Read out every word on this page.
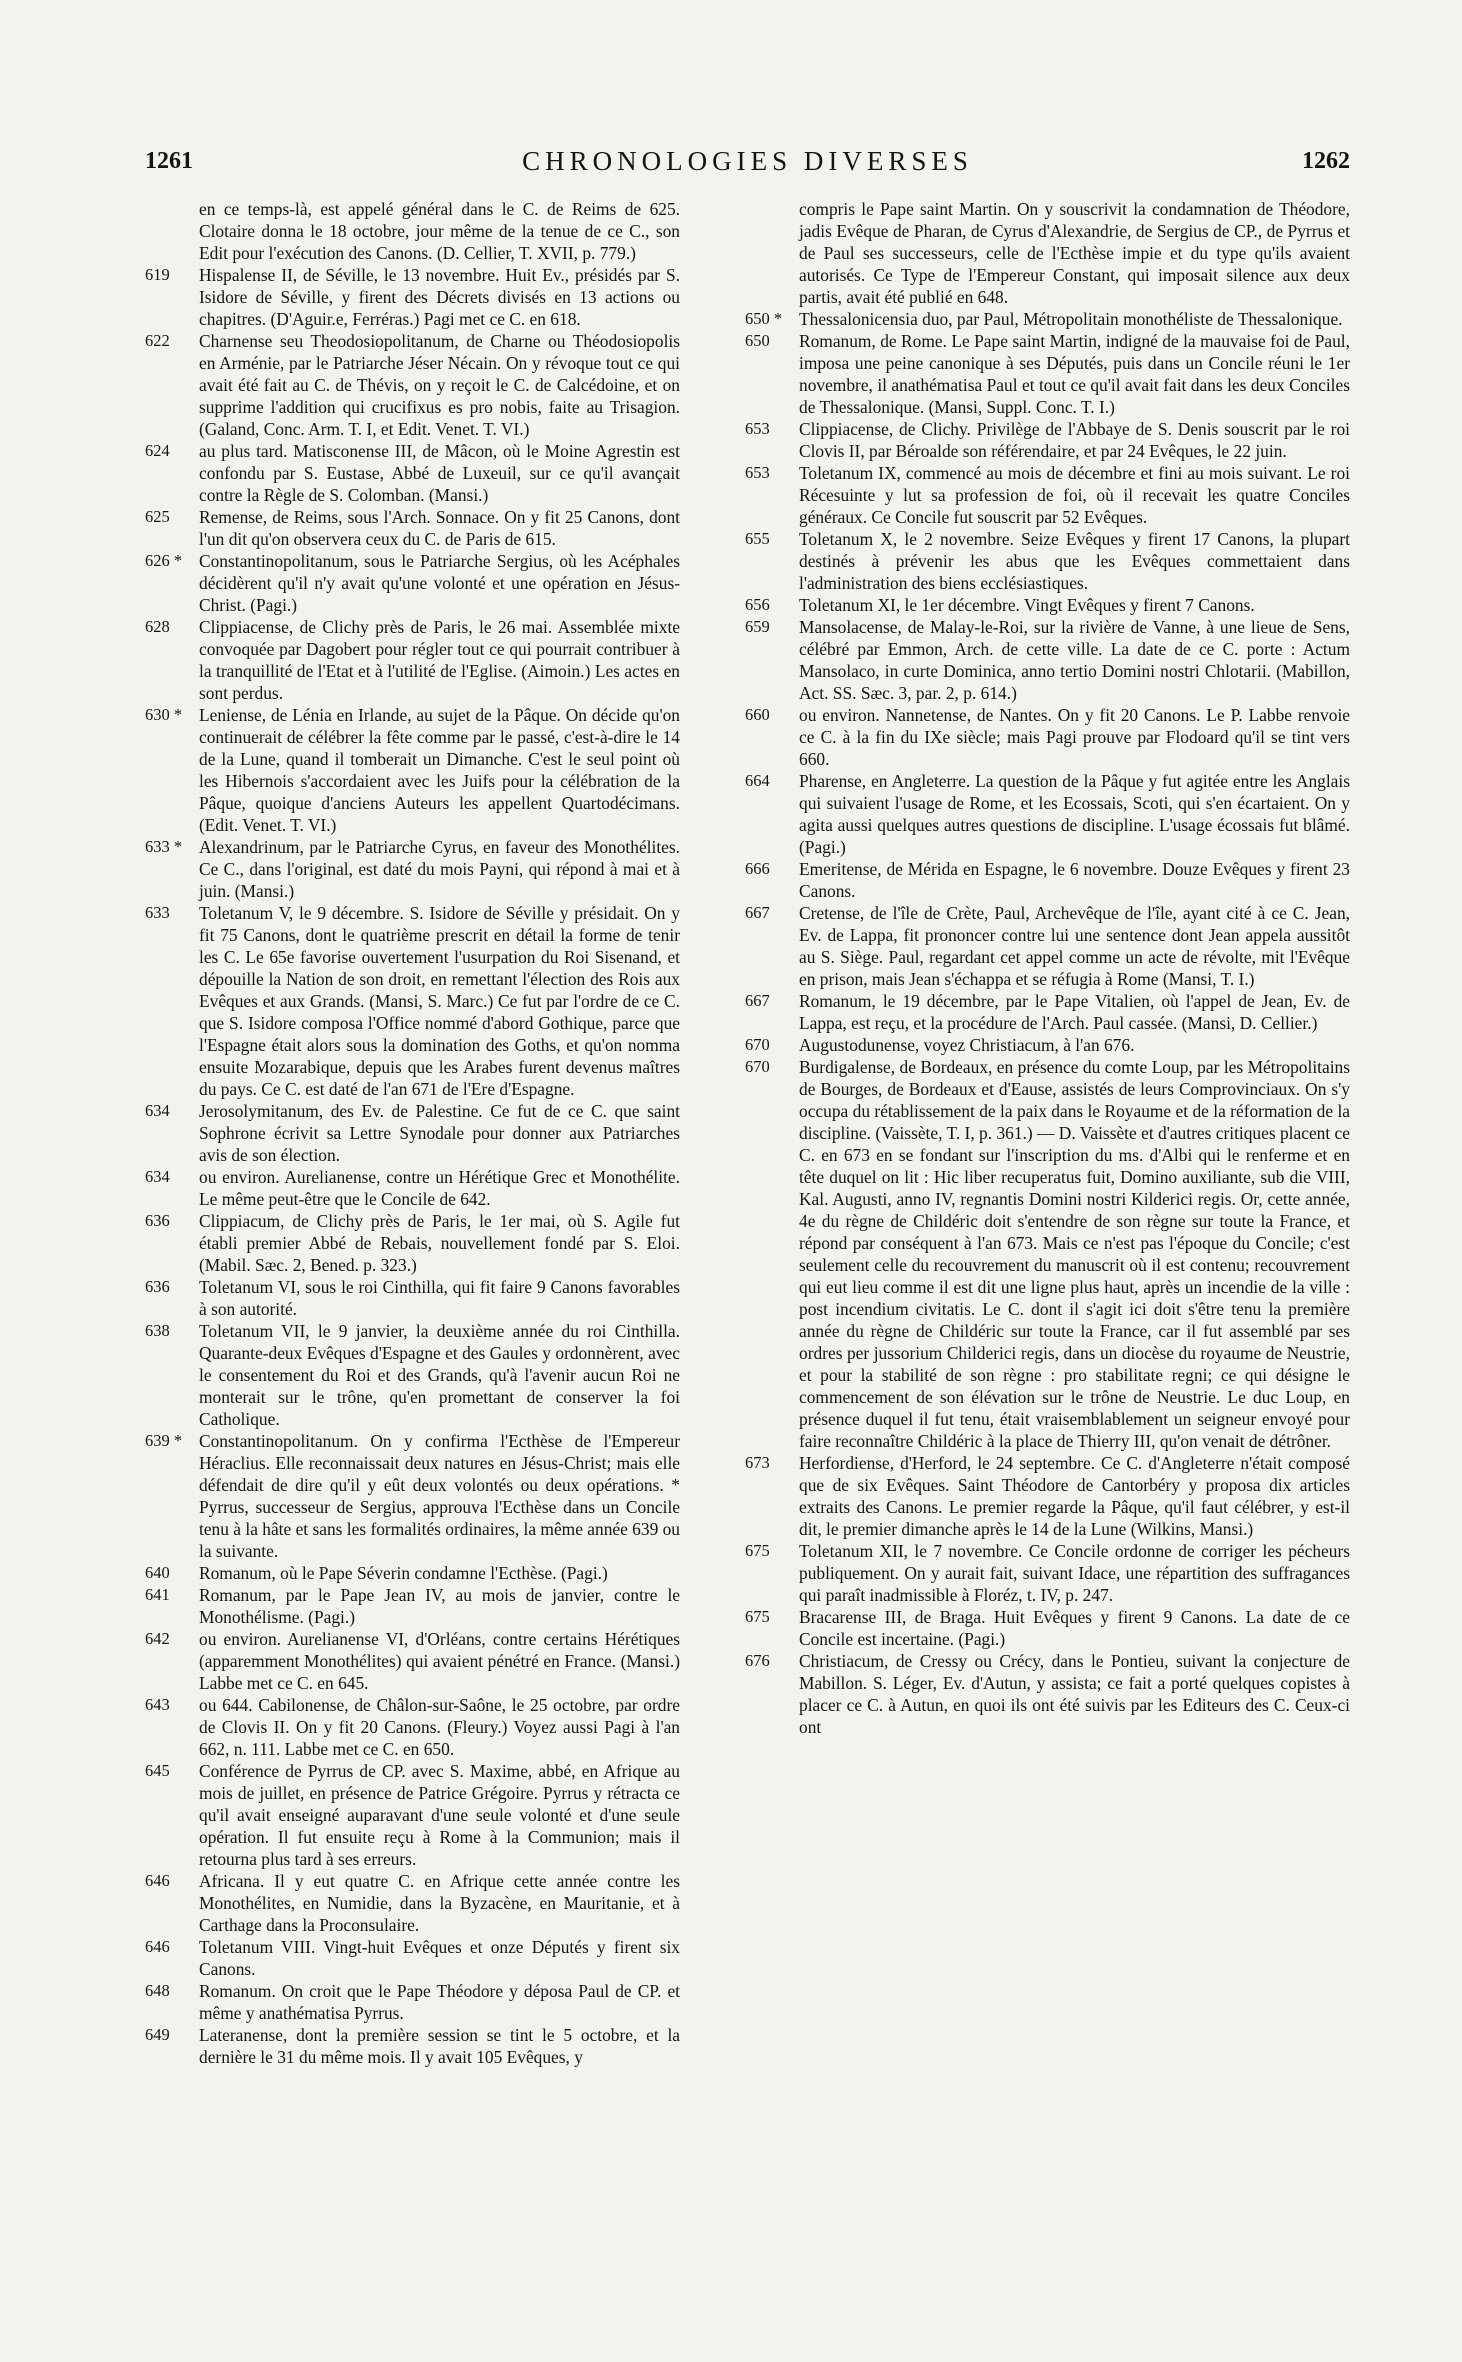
1261	CHRONOLOGIES DIVERSES	1262
en ce temps-là, est appelé général dans le C. de Reims de 625. Clotaire donna le 18 octobre, jour même de la tenue de ce C., son Edit pour l'exécution des Canons. (D. Cellier, T. XVII, p. 779.)
619	Hispalense II, de Séville, le 13 novembre. Huit Ev., présidés par S. Isidore de Séville, y firent des Décrets divisés en 13 actions ou chapitres. (D'Aguir.e, Ferréras.) Pagi met ce C. en 618.
622	Charnense seu Theodosiopolitanum, de Charne ou Théodosiopolis en Arménie, par le Patriarche Jéser Nécain. On y révoque tout ce qui avait été fait au C. de Thévis, on y reçoit le C. de Calcédoine, et on supprime l'addition qui crucifixus es pro nobis, faite au Trisagion. (Galand, Conc. Arm. T. I, et Edit. Venet. T. VI.)
624	au plus tard. Matisconense III, de Mâcon, où le Moine Agrestin est confondu par S. Eustase, Abbé de Luxeuil, sur ce qu'il avançait contre la Règle de S. Colomban. (Mansi.)
625	Remense, de Reims, sous l'Arch. Sonnace. On y fit 25 Canons, dont l'un dit qu'on observera ceux du C. de Paris de 615.
626 * Constantinopolitanum, sous le Patriarche Sergius, où les Acéphales décidèrent qu'il n'y avait qu'une volonté et une opération en Jésus-Christ. (Pagi.)
628	Clippiacense, de Clichy près de Paris, le 26 mai. Assemblée mixte convoquée par Dagobert pour régler tout ce qui pourrait contribuer à la tranquillité de l'Etat et à l'utilité de l'Eglise. (Aimoin.) Les actes en sont perdus.
630 * Leniense, de Lénia en Irlande, au sujet de la Pâque. On décide qu'on continuerait de célébrer la fête comme par le passé, c'est-à-dire le 14 de la Lune, quand il tomberait un Dimanche. C'est le seul point où les Hibernois s'accordaient avec les Juifs pour la célébration de la Pâque, quoique d'anciens Auteurs les appellent Quartodécimans. (Edit. Venet. T. VI.)
633 * Alexandrinum, par le Patriarche Cyrus, en faveur des Monothélites. Ce C., dans l'original, est daté du mois Payni, qui répond à mai et à juin. (Mansi.)
633	Toletanum V, le 9 décembre. S. Isidore de Séville y présidait. On y fit 75 Canons, dont le quatrième prescrit en détail la forme de tenir les C. Le 65e favorise ouvertement l'usurpation du Roi Sisenand, et dépouille la Nation de son droit, en remettant l'élection des Rois aux Evêques et aux Grands. (Mansi, S. Marc.) Ce fut par l'ordre de ce C. que S. Isidore composa l'Office nommé d'abord Gothique, parce que l'Espagne était alors sous la domination des Goths, et qu'on nomma ensuite Mozarabique, depuis que les Arabes furent devenus maîtres du pays. Ce C. est daté de l'an 671 de l'Ere d'Espagne.
634	Jerosolymitanum, des Ev. de Palestine. Ce fut de ce C. que saint Sophrone écrivit sa Lettre Synodale pour donner aux Patriarches avis de son élection.
634	ou environ. Aurelianense, contre un Hérétique Grec et Monothélite. Le même peut-être que le Concile de 642.
636	Clippiacum, de Clichy près de Paris, le 1er mai, où S. Agile fut établi premier Abbé de Rebais, nouvellement fondé par S. Eloi. (Mabil. Sæc. 2, Bened. p. 323.)
636	Toletanum VI, sous le roi Cinthilla, qui fit faire 9 Canons favorables à son autorité.
638	Toletanum VII, le 9 janvier, la deuxième année du roi Cinthilla. Quarante-deux Evêques d'Espagne et des Gaules y ordonnèrent, avec le consentement du Roi et des Grands, qu'à l'avenir aucun Roi ne monterait sur le trône, qu'en promettant de conserver la foi Catholique.
639 * Constantinopolitanum. On y confirma l'Ecthèse de l'Empereur Héraclius. Elle reconnaissait deux natures en Jésus-Christ; mais elle défendait de dire qu'il y eût deux volontés ou deux opérations. * Pyrrus, successeur de Sergius, approuva l'Ecthèse dans un Concile tenu à la hâte et sans les formalités ordinaires, la même année 639 ou la suivante.
640	Romanum, où le Pape Séverin condamne l'Ecthèse. (Pagi.)
641	Romanum, par le Pape Jean IV, au mois de janvier, contre le Monothélisme. (Pagi.)
642	ou environ. Aurelianense VI, d'Orléans, contre certains Hérétiques (apparemment Monothélites) qui avaient pénétré en France. (Mansi.) Labbe met ce C. en 645.
643	ou 644. Cabilonense, de Châlon-sur-Saône, le 25 octobre, par ordre de Clovis II. On y fit 20 Canons. (Fleury.) Voyez aussi Pagi à l'an 662, n. 111. Labbe met ce C. en 650.
645	Conférence de Pyrrus de CP. avec S. Maxime, abbé, en Afrique au mois de juillet, en présence de Patrice Grégoire. Pyrrus y rétracta ce qu'il avait enseigné auparavant d'une seule volonté et d'une seule opération. Il fut ensuite reçu à Rome à la Communion; mais il retourna plus tard à ses erreurs.
646	Africana. Il y eut quatre C. en Afrique cette année contre les Monothélites, en Numidie, dans la Byzacène, en Mauritanie, et à Carthage dans la Proconsulaire.
646	Toletanum VIII. Vingt-huit Evêques et onze Députés y firent six Canons.
648	Romanum. On croit que le Pape Théodore y déposa Paul de CP. et même y anathématisa Pyrrus.
649	Lateranense, dont la première session se tint le 5 octobre, et la dernière le 31 du même mois. Il y avait 105 Evêques, y
compris le Pape saint Martin. On y souscrivit la condamnation de Théodore, jadis Evêque de Pharan, de Cyrus d'Alexandrie, de Sergius de CP., de Pyrrus et de Paul ses successeurs, celle de l'Ecthèse impie et du type qu'ils avaient autorisés. Ce Type de l'Empereur Constant, qui imposait silence aux deux partis, avait été publié en 648.
650 * Thessalonicensia duo, par Paul, Métropolitain monothéliste de Thessalonique.
650	Romanum, de Rome. Le Pape saint Martin, indigné de la mauvaise foi de Paul, imposa une peine canonique à ses Députés, puis dans un Concile réuni le 1er novembre, il anathématisa Paul et tout ce qu'il avait fait dans les deux Conciles de Thessalonique. (Mansi, Suppl. Conc. T. I.)
653	Clippiacense, de Clichy. Privilège de l'Abbaye de S. Denis souscrit par le roi Clovis II, par Béroalde son référendaire, et par 24 Evêques, le 22 juin.
653	Toletanum IX, commencé au mois de décembre et fini au mois suivant. Le roi Récesuinte y lut sa profession de foi, où il recevait les quatre Conciles généraux. Ce Concile fut souscrit par 52 Evêques.
655	Toletanum X, le 2 novembre. Seize Evêques y firent 17 Canons, la plupart destinés à prévenir les abus que les Evêques commettaient dans l'administration des biens ecclésiastiques.
656	Toletanum XI, le 1er décembre. Vingt Evêques y firent 7 Canons.
659	Mansolacense, de Malay-le-Roi, sur la rivière de Vanne, à une lieue de Sens, célébré par Emmon, Arch. de cette ville. La date de ce C. porte : Actum Mansolaco, in curte Dominica, anno tertio Domini nostri Chlotarii. (Mabillon, Act. SS. Sæc. 3, par. 2, p. 614.)
660	ou environ. Nannetense, de Nantes. On y fit 20 Canons. Le P. Labbe renvoie ce C. à la fin du IXe siècle; mais Pagi prouve par Flodoard qu'il se tint vers 660.
664	Pharense, en Angleterre. La question de la Pâque y fut agitée entre les Anglais qui suivaient l'usage de Rome, et les Ecossais, Scoti, qui s'en écartaient. On y agita aussi quelques autres questions de discipline. L'usage écossais fut blâmé. (Pagi.)
666	Emeritense, de Mérida en Espagne, le 6 novembre. Douze Evêques y firent 23 Canons.
667	Cretense, de l'île de Crète, Paul, Archevêque de l'île, ayant cité à ce C. Jean, Ev. de Lappa, fit prononcer contre lui une sentence dont Jean appela aussitôt au S. Siège. Paul, regardant cet appel comme un acte de révolte, mit l'Evêque en prison, mais Jean s'échappa et se réfugia à Rome (Mansi, T. I.)
667	Romanum, le 19 décembre, par le Pape Vitalien, où l'appel de Jean, Ev. de Lappa, est reçu, et la procédure de l'Arch. Paul cassée. (Mansi, D. Cellier.)
670	Augustodunense, voyez Christiacum, à l'an 676.
670	Burdigalense, de Bordeaux, en présence du comte Loup, par les Métropolitains de Bourges, de Bordeaux et d'Eause, assistés de leurs Comprovinciaux. On s'y occupa du rétablissement de la paix dans le Royaume et de la réformation de la discipline. (Vaissète, T. I, p. 361.) — D. Vaissète et d'autres critiques placent ce C. en 673 en se fondant sur l'inscription du ms. d'Albi qui le renferme et en tête duquel on lit : Hic liber recuperatus fuit, Domino auxiliante, sub die VIII, Kal. Augusti, anno IV, regnantis Domini nostri Kilderici regis. Or, cette année, 4e du règne de Childéric doit s'entendre de son règne sur toute la France, et répond par conséquent à l'an 673. Mais ce n'est pas l'époque du Concile; c'est seulement celle du recouvrement du manuscrit où il est contenu; recouvrement qui eut lieu comme il est dit une ligne plus haut, après un incendie de la ville : post incendium civitatis. Le C. dont il s'agit ici doit s'être tenu la première année du règne de Childéric sur toute la France, car il fut assemblé par ses ordres per jussorium Childerici regis, dans un diocèse du royaume de Neustrie, et pour la stabilité de son règne : pro stabilitate regni; ce qui désigne le commencement de son élévation sur le trône de Neustrie. Le duc Loup, en présence duquel il fut tenu, était vraisemblablement un seigneur envoyé pour faire reconnaître Childéric à la place de Thierry III, qu'on venait de détrôner.
673	Herfordiense, d'Herford, le 24 septembre. Ce C. d'Angleterre n'était composé que de six Evêques. Saint Théodore de Cantorbéry y proposa dix articles extraits des Canons. Le premier regarde la Pâque, qu'il faut célébrer, y est-il dit, le premier dimanche après le 14 de la Lune (Wilkins, Mansi.)
675	Toletanum XII, le 7 novembre. Ce Concile ordonne de corriger les pécheurs publiquement. On y aurait fait, suivant Idace, une répartition des suffragances qui paraît inadmissible à Floréz, t. IV, p. 247.
675	Bracarense III, de Braga. Huit Evêques y firent 9 Canons. La date de ce Concile est incertaine. (Pagi.)
676	Christiacum, de Cressy ou Crécy, dans le Pontieu, suivant la conjecture de Mabillon. S. Léger, Ev. d'Autun, y assista; ce fait a porté quelques copistes à placer ce C. à Autun, en quoi ils ont été suivis par les Editeurs des C. Ceux-ci ont
